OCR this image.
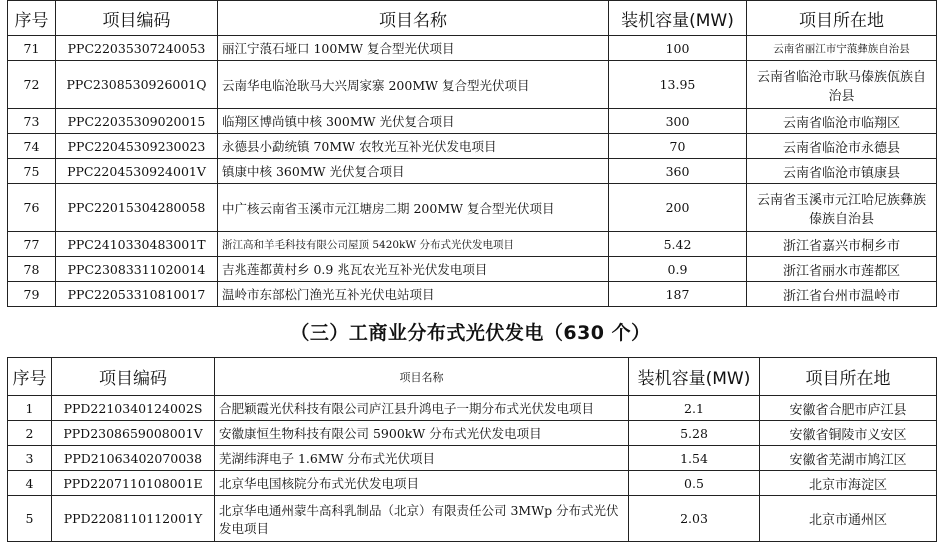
序号	项目编码	项目名称	装机容量(MW)	项目所在地
71	PPC22035307240053	丽江宁蒗石垭口 100MW 复合型光伏项目	100	云南省丽江市宁蒗彝族自治县
72	PPC2308530926001Q	云南华电临沧耿马大兴周家寨 200MW 复合型光伏项目	13.95	云南省临沧市耿马傣族佤族自治县
73	PPC22035309020015	临翔区博尚镇中核 300MW 光伏复合项目	300	云南省临沧市临翔区
74	PPC22045309230023	永德县小勐统镇 70MW 农牧光互补光伏发电项目	70	云南省临沧市永德县
75	PPC2204530924001V	镇康中核 360MW 光伏复合项目	360	云南省临沧市镇康县
76	PPC22015304280058	中广核云南省玉溪市元江塘房二期 200MW 复合型光伏项目	200	云南省玉溪市元江哈尼族彝族傣族自治县
77	PPC2410330483001T	浙江高和羊毛科技有限公司屋顶 5420kW 分布式光伏发电项目	5.42	浙江省嘉兴市桐乡市
78	PPC23083311020014	吉兆莲都黄村乡 0.9 兆瓦农光互补光伏发电项目	0.9	浙江省丽水市莲都区
79	PPC22053310810017	温岭市东部松门渔光互补光伏电站项目	187	浙江省台州市温岭市
（三）工商业分布式光伏发电（630 个）
序号	项目编码	项目名称	装机容量(MW)	项目所在地
1	PPD2210340124002S	合肥颖霞光伏科技有限公司庐江县升鸿电子一期分布式光伏发电项目	2.1	安徽省合肥市庐江县
2	PPD2308659008001V	安徽康恒生物科技有限公司 5900kW 分布式光伏发电项目	5.28	安徽省铜陵市义安区
3	PPD21063402070038	芜湖纬湃电子 1.6MW 分布式光伏项目	1.54	安徽省芜湖市鸠江区
4	PPD2207110108001E	北京华电国核院分布式光伏发电项目	0.5	北京市海淀区
5	PPD2208110112001Y	北京华电通州蒙牛高科乳制品（北京）有限责任公司 3MWp 分布式光伏发电项目	2.03	北京市通州区
